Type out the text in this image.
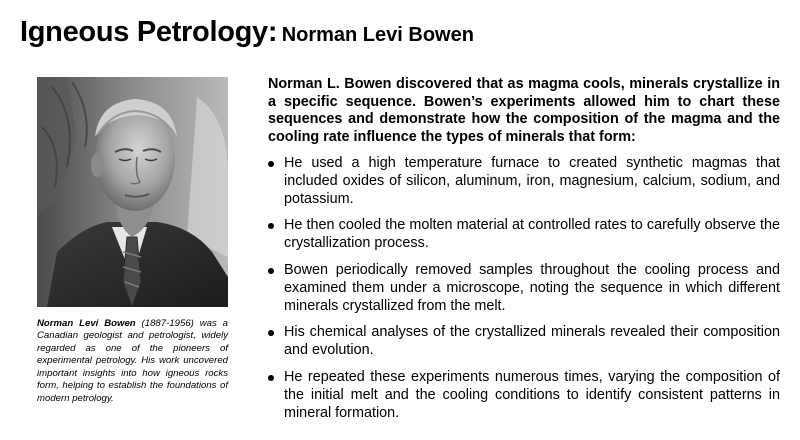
Igneous Petrology: Norman Levi Bowen
Norman Levi Bowen (1887-1956) was a Canadian geologist and petrologist, widely regarded as one of the pioneers of experimental petrology. His work uncovered important insights into how igneous rocks form, helping to establish the foundations of modern petrology.

Norman L. Bowen discovered that as magma cools, minerals crystallize in a specific sequence. Bowen’s experiments allowed him to chart these sequences and demonstrate how the composition of the magma and the cooling rate influence the types of minerals that form:

He used a high temperature furnace to created synthetic magmas that included oxides of silicon, aluminum, iron, magnesium, calcium, sodium, and potassium.
He then cooled the molten material at controlled rates to carefully observe the crystallization process.
Bowen periodically removed samples throughout the cooling process and examined them under a microscope, noting the sequence in which different minerals crystallized from the melt.
His chemical analyses of the crystallized minerals revealed their composition and evolution.
He repeated these experiments numerous times, varying the composition of the initial melt and the cooling conditions to identify consistent patterns in mineral formation.
